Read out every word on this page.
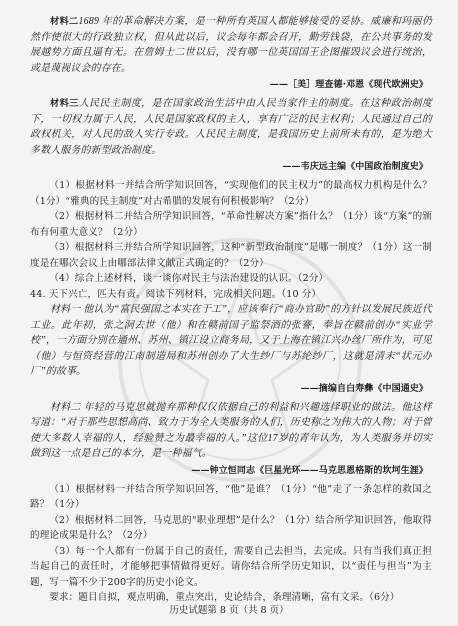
材料二1689 年的革命解决方案，是一种所有英国人都能够接受的妥协。威廉和玛丽仍然作使很大的行政独立权，但从此以后，议会每年都会召开，勤劳钱袋，在公共事务的发展越势方面且逼有无。在詹姆士二世以后，没有哪一位英国国王企图摧毁议会进行统治，或是蔑视议会的存在。

——［美］理查德·邓恩《现代欧洲史》

材料三人民民主制度，是在国家政治生活中由人民当家作主的制度。在这种政治制度下，一切权力属于人民，人民是国家政权的主人，享有广泛的民主权利；人民通过自己的政权机关，对人民的敌人实行专政。人民民主制度，是我国历史上前所未有的，是为绝大多数人服务的新型政治制度。

——韦庆远主编《中国政治制度史》

（1）根据材料一并结合所学知识回答，“实现他们的民主权力”的最高权力机构是什么？（1分）“雅典的民主制度”对古希腊的发展有何积极影响？（2分）

（2）根据材料二并结合所学知识回答，“革命性解决方案”指什么？（1分）该“方案”的颁布有何重大意义？（2分）

（3）根据材料三并结合所学知识回答，这种“新型政治制度”是哪一制度？（1分）这一制度是在哪次会议上由哪部法律文献正式确定的？（2分）

（4）综合上述材料，谈一谈你对民主与法治建设的认识。（2分）

44. 天下兴亡，匹夫有责。阅读下列材料，完成相关问题。（10 分）

材料一 他认为“富民强国之本实在于工”，应该奉行“商办官助”的方针以发展民族近代工业。此年初，张之洞去世（他）和在赣前国子监祭酒的张謇，奉旨在赣前创办“实业学校”，一方面分别在通州、苏州、镇江设立商务局，又于上海在镇江兴办丝厂所作为，可见（他）与恒资经营的江南制造局和苏州创办了大生纱厂与苏纶纱厂，这就是清末“状元办厂”的故事。

——摘编自白寿彝《中国通史》

材料二 年轻的马克思就抛弃那种仅仅依据自己的利益和兴趣选择职业的做法。他这样写道：“对于那些思想高尚、致力于为全人类服务的人们，历史称之为伟大的人物；对于曾使大多数人幸福的人，经验赞之为最幸福的人。”这位17岁的青年认为，为人类服务并切实做到这一点是自己的本分，是一种福气。

——钟立恒同志《巨星光环——马克思恩格斯的坎坷生涯》

（1）根据材料一并结合所学知识回答，“他”是谁？（1分）“他”走了一条怎样的救国之路？（1分）

（2）根据材料二回答，马克思的“职业理想”是什么？（1分）结合所学知识回答，他取得的理论成果是什么？（2分）

（3）每一个人都有一份属于自己的责任，需要自己去担当，去完成。只有当我们真正担当起自己的责任时，才能够把事情做得更好。请你结合所学历史知识，以“责任与担当”为主题，写一篇不少于200字的历史小论文。

要求：题目自拟，观点明确，重点突出，史论结合，条理清晰，富有文采。（6分）

历史试题第 8 页（共 8 页）
